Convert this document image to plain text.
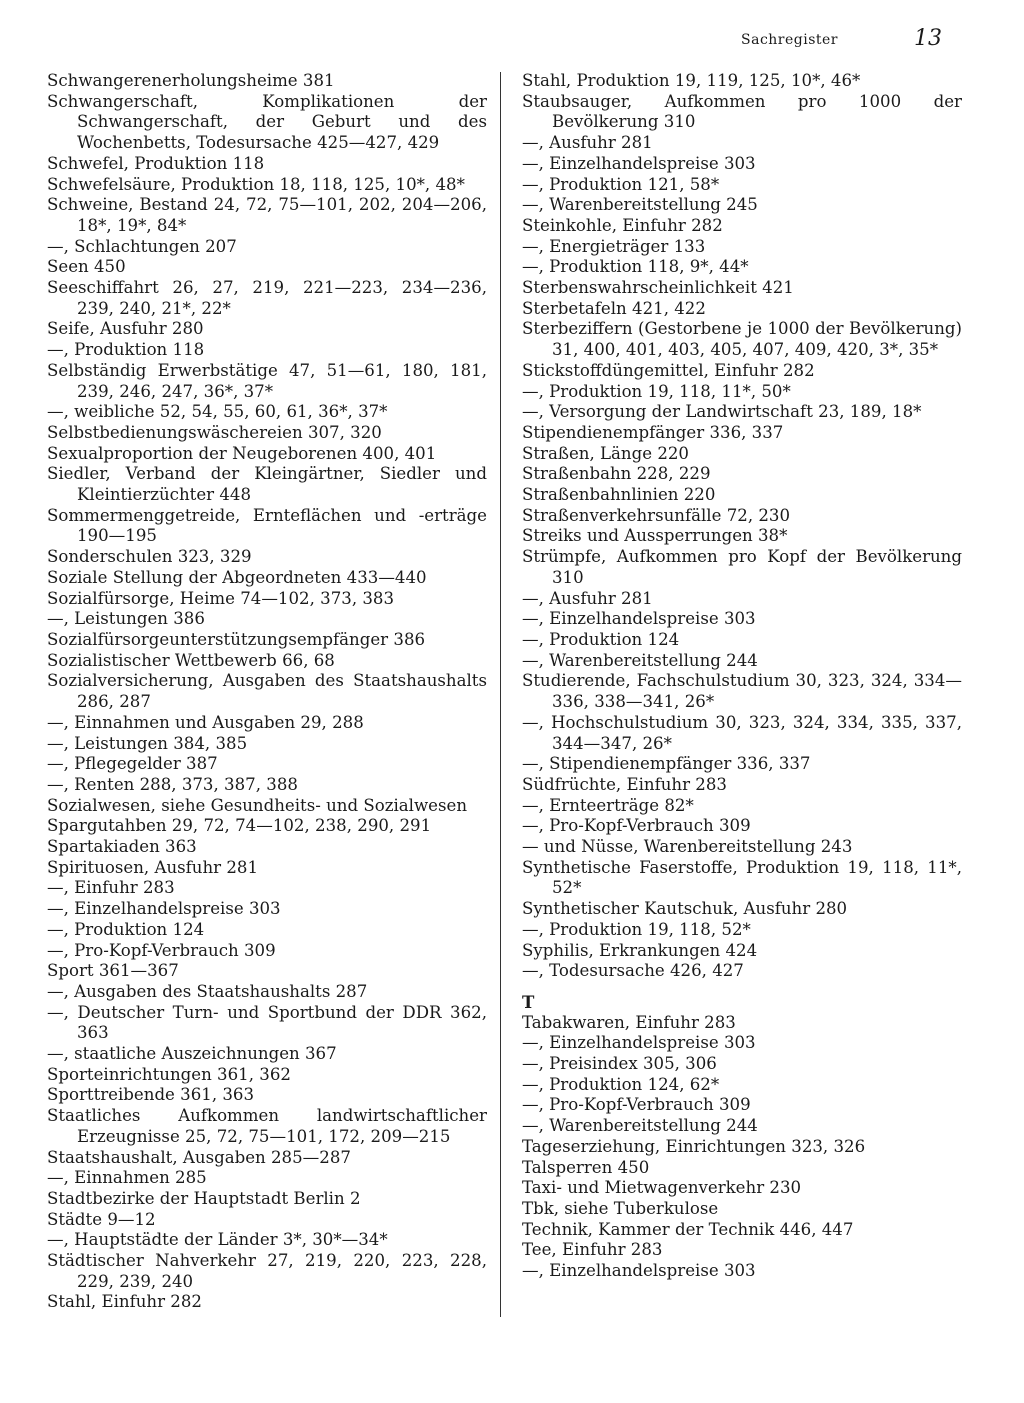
Sachregister	13

Schwangerenerholungsheime 381

Schwangerschaft, Komplikationen der Schwangerschaft, der Geburt und des Wochenbetts, Todesursache 425—427, 429

Schwefel, Produktion 118

Schwefelsäure, Produktion 18, 118, 125, 10*, 48*

Schweine, Bestand 24, 72, 75—101, 202, 204—206, 18*, 19*, 84*

—, Schlachtungen 207

Seen 450

Seeschiffahrt 26, 27, 219, 221—223, 234—236, 239, 240, 21*, 22*

Seife, Ausfuhr 280

—, Produktion 118

Selbständig Erwerbstätige 47, 51—61, 180, 181, 239, 246, 247, 36*, 37*

—, weibliche 52, 54, 55, 60, 61, 36*, 37*

Selbstbedienungswäschereien 307, 320

Sexualproportion der Neugeborenen 400, 401

Siedler, Verband der Kleingärtner, Siedler und Kleintierzüchter 448

Sommermenggetreide, Ernteflächen und -erträge 190—195

Sonderschulen 323, 329

Soziale Stellung der Abgeordneten 433—440

Sozialfürsorge, Heime 74—102, 373, 383

—, Leistungen 386

Sozialfürsorgeunterstützungsempfänger 386

Sozialistischer Wettbewerb 66, 68

Sozialversicherung, Ausgaben des Staatshaushalts 286, 287

—, Einnahmen und Ausgaben 29, 288

—, Leistungen 384, 385

—, Pflegegelder 387

—, Renten 288, 373, 387, 388

Sozialwesen, siehe Gesundheits- und Sozialwesen

Spargutahben 29, 72, 74—102, 238, 290, 291

Spartakiaden 363

Spirituosen, Ausfuhr 281

—, Einfuhr 283

—, Einzelhandelspreise 303

—, Produktion 124

—, Pro-Kopf-Verbrauch 309

Sport 361—367

—, Ausgaben des Staatshaushalts 287

—, Deutscher Turn- und Sportbund der DDR 362, 363

—, staatliche Auszeichnungen 367

Sporteinrichtungen 361, 362

Sporttreibende 361, 363

Staatliches Aufkommen landwirtschaftlicher Erzeugnisse 25, 72, 75—101, 172, 209—215

Staatshaushalt, Ausgaben 285—287

—, Einnahmen 285

Stadtbezirke der Hauptstadt Berlin 2

Städte 9—12

—, Hauptstädte der Länder 3*, 30*—34*

Städtischer Nahverkehr 27, 219, 220, 223, 228, 229, 239, 240

Stahl, Einfuhr 282

Stahl, Produktion 19, 119, 125, 10*, 46*

Staubsauger, Aufkommen pro 1000 der Bevölkerung 310

—, Ausfuhr 281

—, Einzelhandelspreise 303

—, Produktion 121, 58*

—, Warenbereitstellung 245

Steinkohle, Einfuhr 282

—, Energieträger 133

—, Produktion 118, 9*, 44*

Sterbenswahrscheinlichkeit 421

Sterbetafeln 421, 422

Sterbeziffern (Gestorbene je 1000 der Bevölkerung) 31, 400, 401, 403, 405, 407, 409, 420, 3*, 35*

Stickstoffdüngemittel, Einfuhr 282

—, Produktion 19, 118, 11*, 50*

—, Versorgung der Landwirtschaft 23, 189, 18*

Stipendienempfänger 336, 337

Straßen, Länge 220

Straßenbahn 228, 229

Straßenbahnlinien 220

Straßenverkehrsunfälle 72, 230

Streiks und Aussperrungen 38*

Strümpfe, Aufkommen pro Kopf der Bevölkerung 310

—, Ausfuhr 281

—, Einzelhandelspreise 303

—, Produktion 124

—, Warenbereitstellung 244

Studierende, Fachschulstudium 30, 323, 324, 334—336, 338—341, 26*

—, Hochschulstudium 30, 323, 324, 334, 335, 337, 344—347, 26*

—, Stipendienempfänger 336, 337

Südfrüchte, Einfuhr 283

—, Ernteerträge 82*

—, Pro-Kopf-Verbrauch 309

— und Nüsse, Warenbereitstellung 243

Synthetische Faserstoffe, Produktion 19, 118, 11*, 52*

Synthetischer Kautschuk, Ausfuhr 280

—, Produktion 19, 118, 52*

Syphilis, Erkrankungen 424

—, Todesursache 426, 427

T

Tabakwaren, Einfuhr 283

—, Einzelhandelspreise 303

—, Preisindex 305, 306

—, Produktion 124, 62*

—, Pro-Kopf-Verbrauch 309

—, Warenbereitstellung 244

Tageserziehung, Einrichtungen 323, 326

Talsperren 450

Taxi- und Mietwagenverkehr 230

Tbk, siehe Tuberkulose

Technik, Kammer der Technik 446, 447

Tee, Einfuhr 283

—, Einzelhandelspreise 303
